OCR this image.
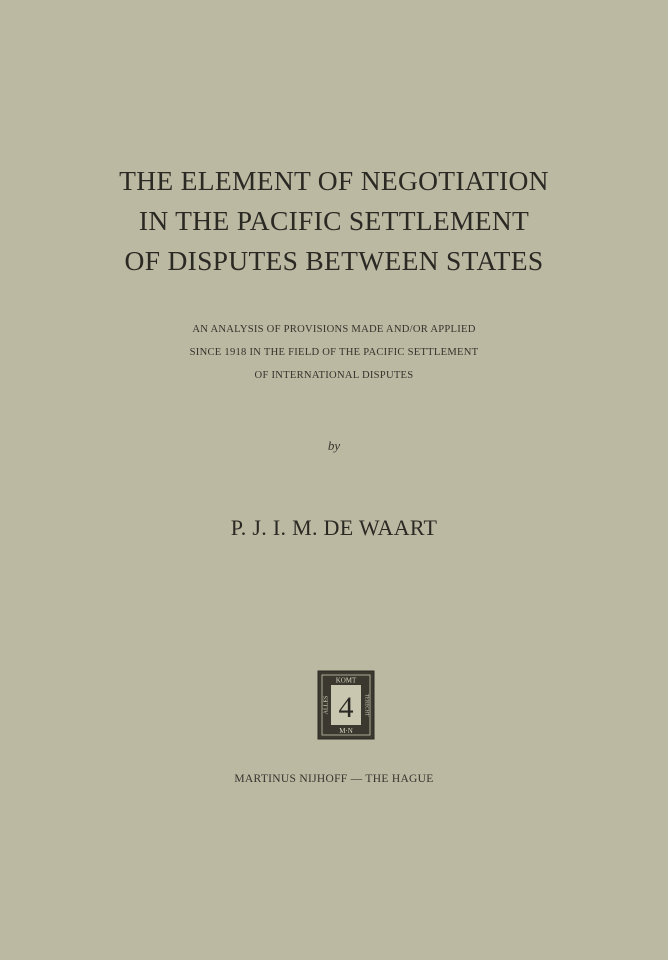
THE ELEMENT OF NEGOTIATION
IN THE PACIFIC SETTLEMENT
OF DISPUTES BETWEEN STATES
AN ANALYSIS OF PROVISIONS MADE AND/OR APPLIED
SINCE 1918 IN THE FIELD OF THE PACIFIC SETTLEMENT
OF INTERNATIONAL DISPUTES
by
P. J. I. M. DE WAART
KOMT
M·N
ALLES	TERECHT
4
MARTINUS NIJHOFF — THE HAGUE
